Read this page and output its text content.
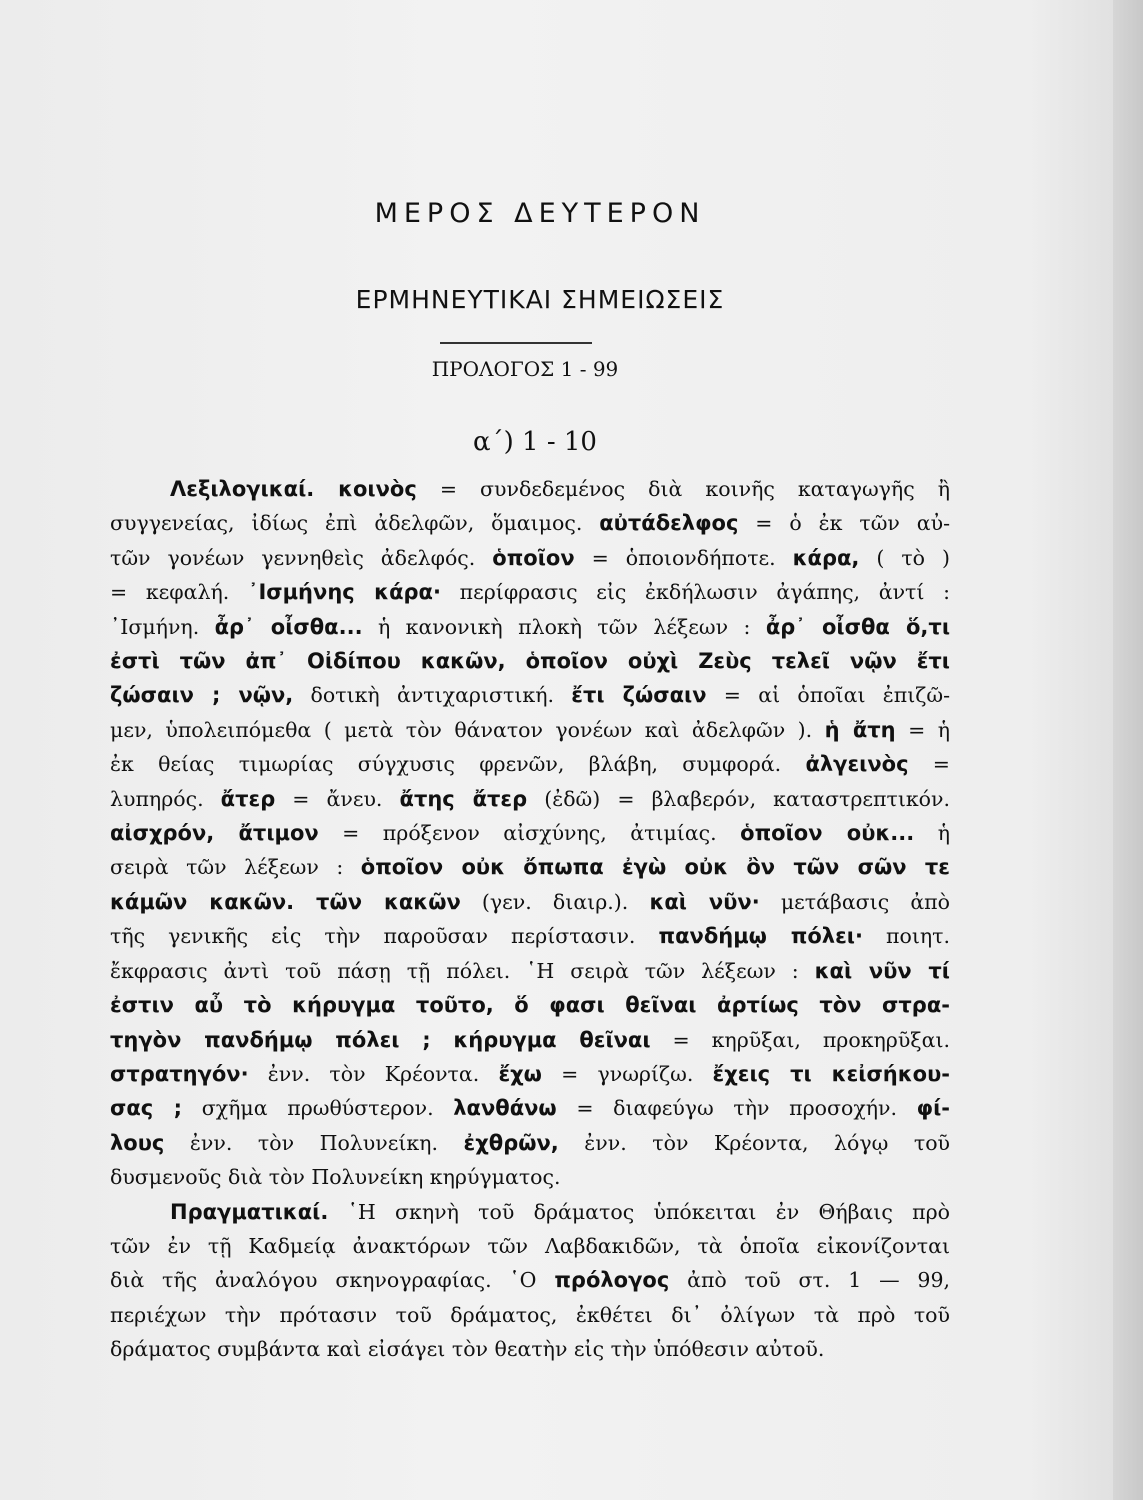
ΜΕΡΟΣ ΔΕΥΤΕΡΟΝ
ΕΡΜΗΝΕΥΤΙΚΑΙ ΣΗΜΕΙΩΣΕΙΣ
ΠΡΟΛΟΓΟΣ 1 - 99
α΄) 1 - 10

Λεξιλογικαί. κοινὸς = συνδεδεμένος διὰ κοινῆς καταγωγῆς ἢ

συγγενείας, ἰδίως ἐπὶ ἀδελφῶν, ὅμαιμος. αὐτάδελφος = ὁ ἐκ τῶν αὐ-

τῶν γονέων γεννηθεὶς ἀδελφός. ὁποῖον = ὁποιονδήποτε. κάρα, ( τὸ )

= κεφαλή. ᾿Ισμήνης κάρα· περίφρασις εἰς ἐκδήλωσιν ἀγάπης, ἀντί :

᾿Ισμήνη. ἆρ᾿ οἶσθα... ἡ κανονικὴ πλοκὴ τῶν λέξεων : ἆρ᾿ οἶσθα ὅ,τι

ἐστὶ τῶν ἀπ᾿ Οἰδίπου κακῶν, ὁποῖον οὐχὶ Ζεὺς τελεῖ νῷν ἔτι

ζώσαιν ; νῷν, δοτικὴ ἀντιχαριστική. ἔτι ζώσαιν = αἱ ὁποῖαι ἐπιζῶ-

μεν, ὑπολειπόμεθα ( μετὰ τὸν θάνατον γονέων καὶ ἀδελφῶν ). ἡ ἄτη = ἡ

ἐκ θείας τιμωρίας σύγχυσις φρενῶν, βλάβη, συμφορά. ἀλγεινὸς =

λυπηρός. ἄτερ = ἄνευ. ἄτης ἄτερ (ἐδῶ) = βλαβερόν, καταστρεπτικόν.

αἰσχρόν, ἄτιμον = πρόξενον αἰσχύνης, ἀτιμίας. ὁποῖον οὐκ... ἡ

σειρὰ τῶν λέξεων : ὁποῖον οὐκ ὄπωπα ἐγὼ οὐκ ὂν τῶν σῶν τε

κάμῶν κακῶν. τῶν κακῶν (γεν. διαιρ.). καὶ νῦν· μετάβασις ἀπὸ

τῆς γενικῆς εἰς τὴν παροῦσαν περίστασιν. πανδήμῳ πόλει· ποιητ.

ἔκφρασις ἀντὶ τοῦ πάσῃ τῇ πόλει. ῾Η σειρὰ τῶν λέξεων : καὶ νῦν τί

ἐστιν αὖ τὸ κήρυγμα τοῦτο, ὅ φασι θεῖναι ἀρτίως τὸν στρα-

τηγὸν πανδήμῳ πόλει ; κήρυγμα θεῖναι = κηρῦξαι, προκηρῦξαι.

στρατηγόν· ἐνν. τὸν Κρέοντα. ἔχω = γνωρίζω. ἔχεις τι κεἰσήκου-

σας ; σχῆμα πρωθύστερον. λανθάνω = διαφεύγω τὴν προσοχήν. φί-

λους ἐνν. τὸν Πολυνείκη. ἐχθρῶν, ἐνν. τὸν Κρέοντα, λόγῳ τοῦ

δυσμενοῦς διὰ τὸν Πολυνείκη κηρύγματος.

Πραγματικαί. ῾Η σκηνὴ τοῦ δράματος ὑπόκειται ἐν Θήβαις πρὸ

τῶν ἐν τῇ Καδμείᾳ ἀνακτόρων τῶν Λαβδακιδῶν, τὰ ὁποῖα εἰκονίζονται

διὰ τῆς ἀναλόγου σκηνογραφίας. ῾Ο πρόλογος ἀπὸ τοῦ στ. 1 — 99,

περιέχων τὴν πρότασιν τοῦ δράματος, ἐκθέτει δι᾿ ὀλίγων τὰ πρὸ τοῦ

δράματος συμβάντα καὶ εἰσάγει τὸν θεατὴν εἰς τὴν ὑπόθεσιν αὐτοῦ.
